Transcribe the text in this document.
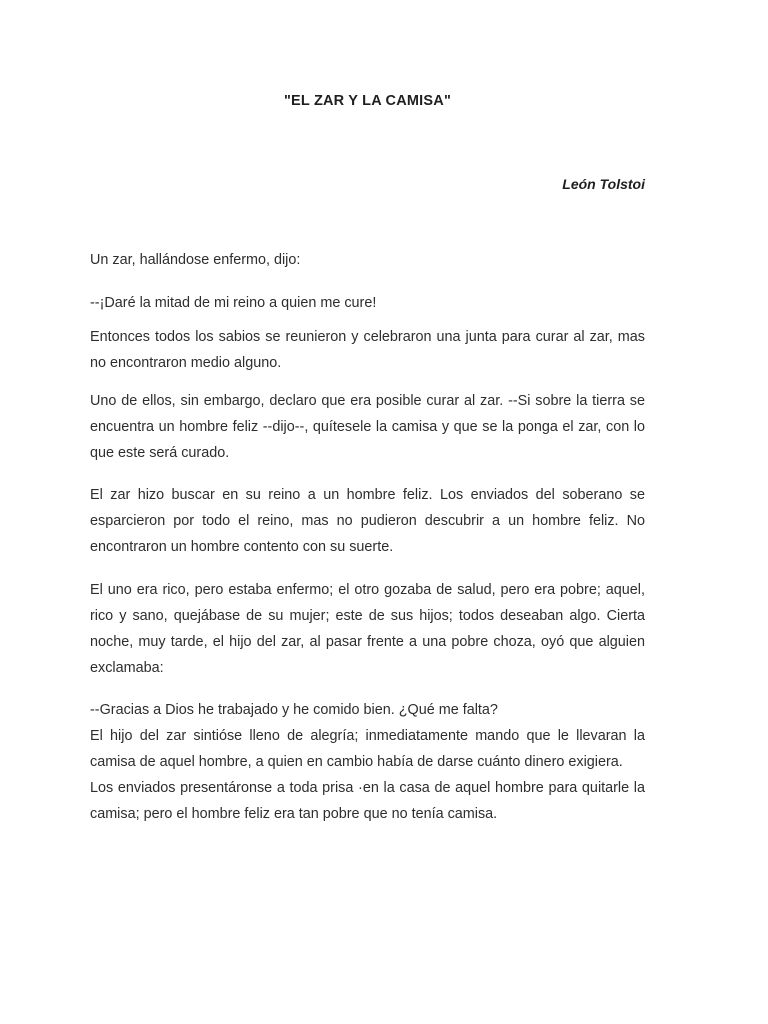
"EL ZAR Y LA CAMISA"

León Tolstoi

Un zar, hallándose enfermo, dijo:

--¡Daré la mitad de mi reino a quien me cure!

Entonces todos los sabios se reunieron y celebraron una junta para curar al zar, mas no encontraron medio alguno.

Uno de ellos, sin embargo, declaro que era posible curar al zar. --Si sobre la tierra se encuentra un hombre feliz --dijo--, quítesele la camisa y que se la ponga el zar, con lo que este será curado.

El zar hizo buscar en su reino a un hombre feliz. Los enviados del soberano se esparcieron por todo el reino, mas no pudieron descubrir a un hombre feliz. No encontraron un hombre contento con su suerte.

El uno era rico, pero estaba enfermo; el otro gozaba de salud, pero era pobre; aquel, rico y sano, quejábase de su mujer; este de sus hijos; todos deseaban algo. Cierta noche, muy tarde, el hijo del zar, al pasar frente a una pobre choza, oyó que alguien exclamaba:

--Gracias a Dios he trabajado y he comido bien. ¿Qué me falta?
El hijo del zar sintióse lleno de alegría; inmediatamente mando que le llevaran la camisa de aquel hombre, a quien en cambio había de darse cuánto dinero exigiera.
Los enviados presentáronse a toda prisa ·en la casa de aquel hombre para quitarle la camisa; pero el hombre feliz era tan pobre que no tenía camisa.
